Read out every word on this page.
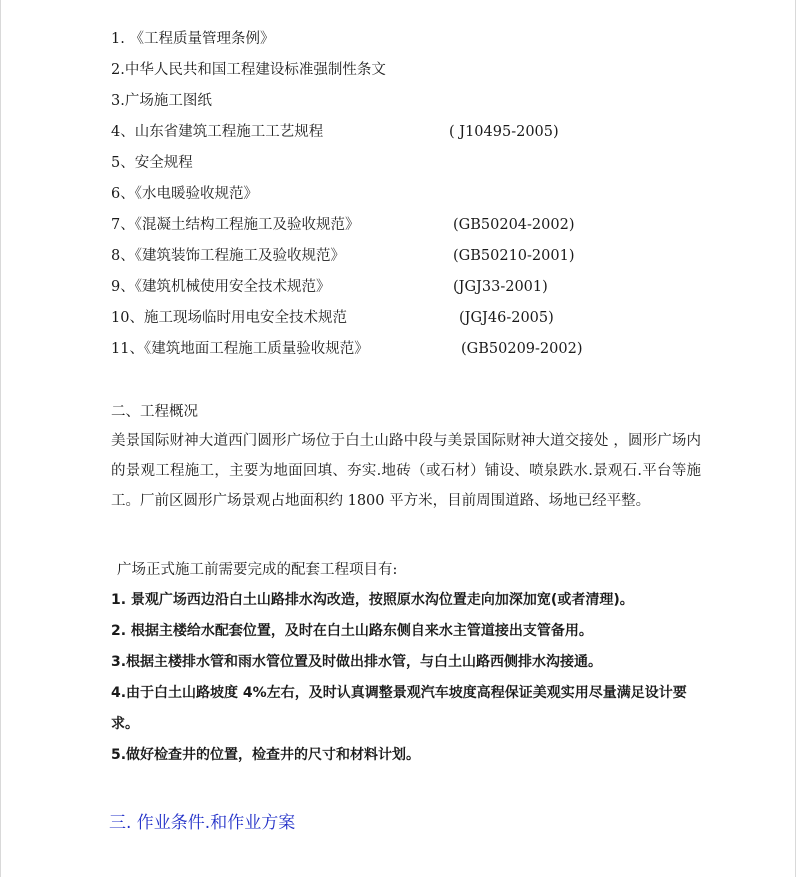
1. 《工程质量管理条例》
2.中华人民共和国工程建设标准强制性条文
3.广场施工图纸
4、山东省建筑工程施工工艺规程	( J10495-2005)
5、安全规程
6、《水电暖验收规范》
7、《混凝土结构工程施工及验收规范》	(GB50204-2002)
8、《建筑装饰工程施工及验收规范》	(GB50210-2001)
9、《建筑机械使用安全技术规范》	(JGJ33-2001)
10、施工现场临时用电安全技术规范	(JGJ46-2005)
11、《建筑地面工程施工质量验收规范》	(GB50209-2002)
二、工程概况
美景国际财神大道西门圆形广场位于白土山路中段与美景国际财神大道交接处 ，圆形广场内的景观工程施工，主要为地面回填、夯实.地砖（或石材）铺设、喷泉跌水.景观石.平台等施工。厂前区圆形广场景观占地面积约 1800 平方米，目前周围道路、场地已经平整。
广场正式施工前需要完成的配套工程项目有:
1. 景观广场西边沿白土山路排水沟改造，按照原水沟位置走向加深加宽(或者清理)。
2. 根据主楼给水配套位置，及时在白土山路东侧自来水主管道接出支管备用。
3.根据主楼排水管和雨水管位置及时做出排水管，与白土山路西侧排水沟接通。
4.由于白土山路坡度 4%左右，及时认真调整景观汽车坡度高程保证美观实用尽量满足设计要求。
5.做好检查井的位置，检查井的尺寸和材料计划。
三. 作业条件.和作业方案
